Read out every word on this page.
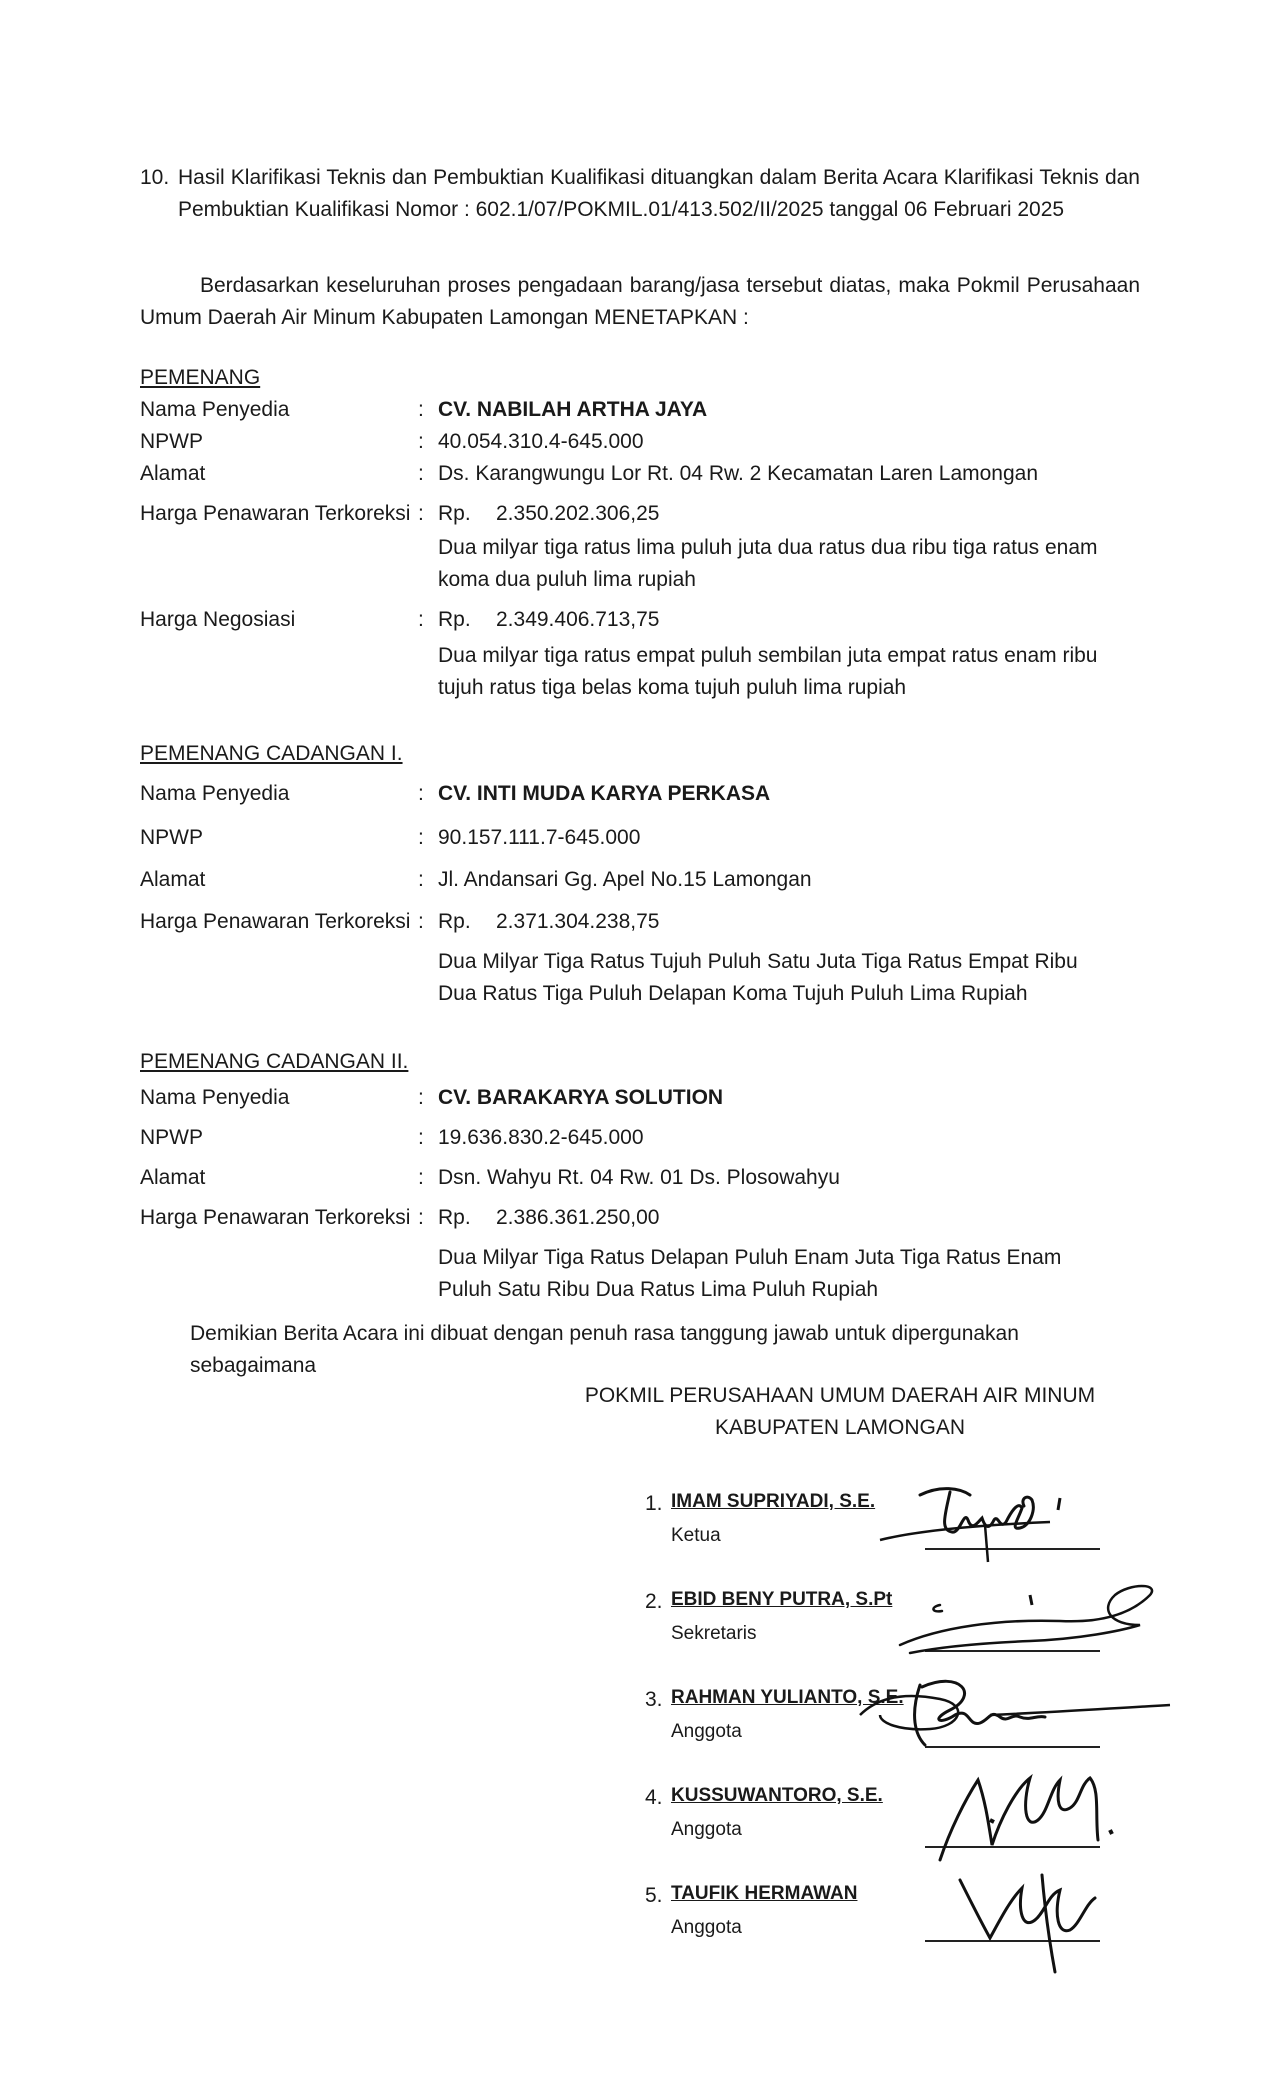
10. Hasil Klarifikasi Teknis dan Pembuktian Kualifikasi dituangkan dalam Berita Acara Klarifikasi Teknis dan Pembuktian Kualifikasi Nomor : 602.1/07/POKMIL.01/413.502/II/2025 tanggal 06 Februari 2025
Berdasarkan keseluruhan proses pengadaan barang/jasa tersebut diatas, maka Pokmil Perusahaan Umum Daerah Air Minum Kabupaten Lamongan MENETAPKAN :
PEMENANG
Nama Penyedia	: CV. NABILAH ARTHA JAYA
NPWP	: 40.054.310.4-645.000
Alamat	: Ds. Karangwungu Lor Rt. 04 Rw. 2 Kecamatan Laren Lamongan
Harga Penawaran Terkoreksi : Rp. 2.350.202.306,25
Dua milyar tiga ratus lima puluh juta dua ratus dua ribu tiga ratus enam koma dua puluh lima rupiah
Harga Negosiasi	: Rp. 2.349.406.713,75
Dua milyar tiga ratus empat puluh sembilan juta empat ratus enam ribu tujuh ratus tiga belas koma tujuh puluh lima rupiah
PEMENANG CADANGAN I.
Nama Penyedia	: CV. INTI MUDA KARYA PERKASA
NPWP	: 90.157.111.7-645.000
Alamat	: Jl. Andansari Gg. Apel No.15 Lamongan
Harga Penawaran Terkoreksi : Rp. 2.371.304.238,75
Dua Milyar Tiga Ratus Tujuh Puluh Satu Juta Tiga Ratus Empat Ribu Dua Ratus Tiga Puluh Delapan Koma Tujuh Puluh Lima Rupiah
PEMENANG CADANGAN II.
Nama Penyedia	: CV. BARAKARYA SOLUTION
NPWP	: 19.636.830.2-645.000
Alamat	: Dsn. Wahyu Rt. 04 Rw. 01 Ds. Plosowahyu
Harga Penawaran Terkoreksi : Rp. 2.386.361.250,00
Dua Milyar Tiga Ratus Delapan Puluh Enam Juta Tiga Ratus Enam Puluh Satu Ribu Dua Ratus Lima Puluh Rupiah
Demikian Berita Acara ini dibuat dengan penuh rasa tanggung jawab untuk dipergunakan sebagaimana
POKMIL PERUSAHAAN UMUM DAERAH AIR MINUM
KABUPATEN LAMONGAN
1. IMAM SUPRIYADI, S.E.
Ketua
2. EBID BENY PUTRA, S.Pt
Sekretaris
3. RAHMAN YULIANTO, S.E.
Anggota
4. KUSSUWANTORO, S.E.
Anggota
5. TAUFIK HERMAWAN
Anggota
